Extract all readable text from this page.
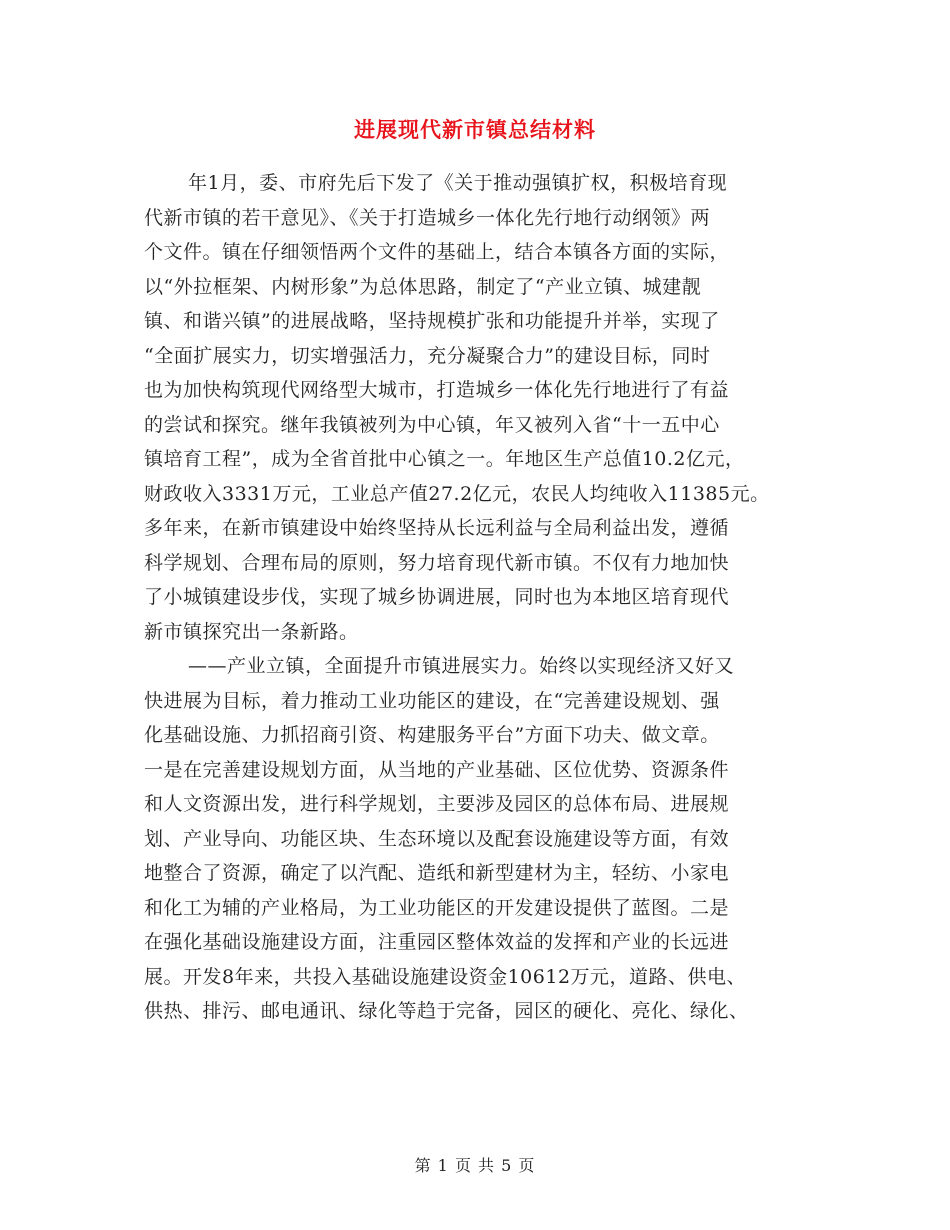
进展现代新市镇总结材料
年1月，委、市府先后下发了《关于推动强镇扩权，积极培育现
代新市镇的若干意见》、《关于打造城乡一体化先行地行动纲领》两
个文件。镇在仔细领悟两个文件的基础上，结合本镇各方面的实际，
以“外拉框架、内树形象”为总体思路，制定了“产业立镇、城建靓
镇、和谐兴镇”的进展战略，坚持规模扩张和功能提升并举，实现了
“全面扩展实力，切实增强活力，充分凝聚合力”的建设目标，同时
也为加快构筑现代网络型大城市，打造城乡一体化先行地进行了有益
的尝试和探究。继年我镇被列为中心镇，年又被列入省“十一五中心
镇培育工程”，成为全省首批中心镇之一。年地区生产总值10.2亿元，
财政收入3331万元，工业总产值27.2亿元，农民人均纯收入11385元。
多年来，在新市镇建设中始终坚持从长远利益与全局利益出发，遵循
科学规划、合理布局的原则，努力培育现代新市镇。不仅有力地加快
了小城镇建设步伐，实现了城乡协调进展，同时也为本地区培育现代
新市镇探究出一条新路。
——产业立镇，全面提升市镇进展实力。始终以实现经济又好又
快进展为目标，着力推动工业功能区的建设，在“完善建设规划、强
化基础设施、力抓招商引资、构建服务平台”方面下功夫、做文章。
一是在完善建设规划方面，从当地的产业基础、区位优势、资源条件
和人文资源出发，进行科学规划，主要涉及园区的总体布局、进展规
划、产业导向、功能区块、生态环境以及配套设施建设等方面，有效
地整合了资源，确定了以汽配、造纸和新型建材为主，轻纺、小家电
和化工为辅的产业格局，为工业功能区的开发建设提供了蓝图。二是
在强化基础设施建设方面，注重园区整体效益的发挥和产业的长远进
展。开发8年来，共投入基础设施建设资金10612万元，道路、供电、
供热、排污、邮电通讯、绿化等趋于完备，园区的硬化、亮化、绿化、
第 1 页 共 5 页
